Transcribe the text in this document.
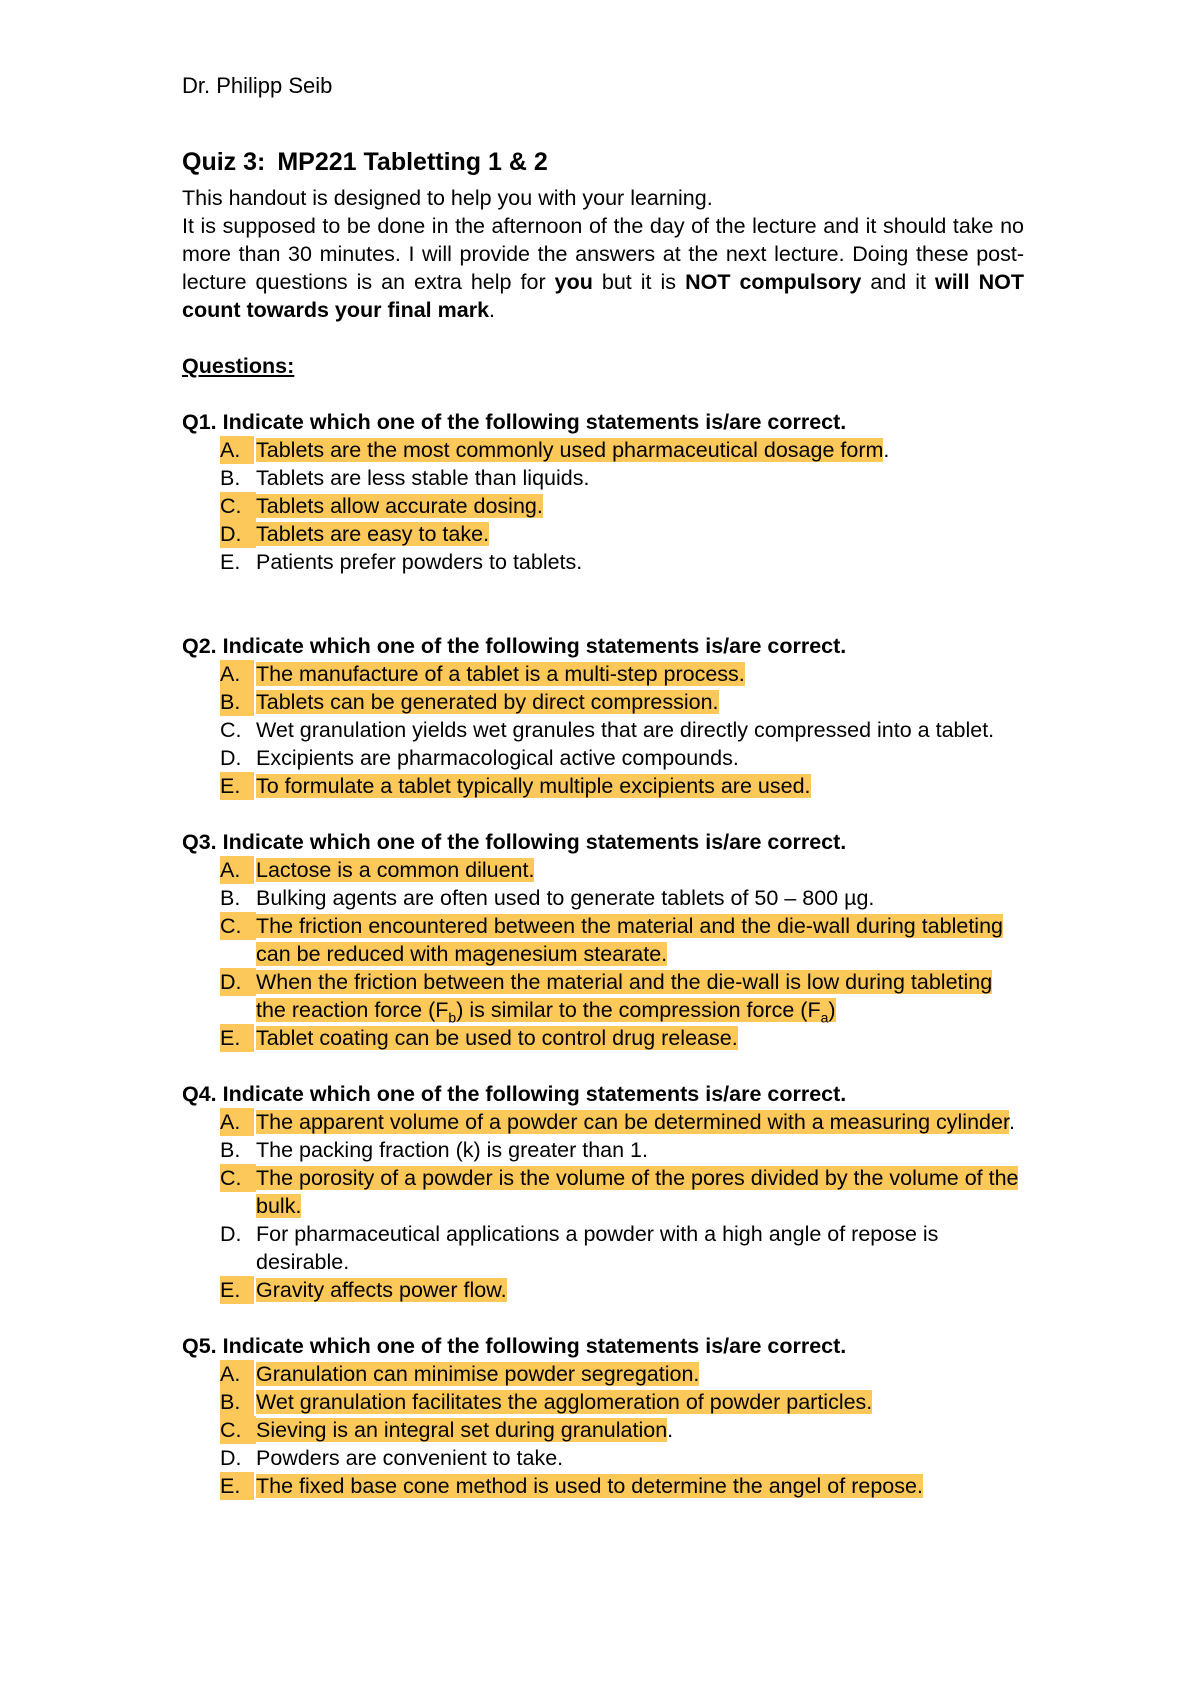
Dr. Philipp Seib
Quiz 3: MP221 Tabletting 1 & 2

This handout is designed to help you with your learning.

It is supposed to be done in the afternoon of the day of the lecture and it should take no more than 30 minutes. I will provide the answers at the next lecture. Doing these post-lecture questions is an extra help for you but it is NOT compulsory and it will NOT count towards your final mark.

Questions:
Q1. Indicate which one of the following statements is/are correct.
A. Tablets are the most commonly used pharmaceutical dosage form.
B. Tablets are less stable than liquids.
C. Tablets allow accurate dosing.
D. Tablets are easy to take.
E. Patients prefer powders to tablets.
Q2. Indicate which one of the following statements is/are correct.
A. The manufacture of a tablet is a multi-step process.
B. Tablets can be generated by direct compression.
C. Wet granulation yields wet granules that are directly compressed into a tablet.
D. Excipients are pharmacological active compounds.
E. To formulate a tablet typically multiple excipients are used.
Q3. Indicate which one of the following statements is/are correct.
A. Lactose is a common diluent.
B. Bulking agents are often used to generate tablets of 50 – 800 µg.
C. The friction encountered between the material and the die-wall during tableting can be reduced with magenesium stearate.
D. When the friction between the material and the die-wall is low during tableting the reaction force $(F_b)$ is similar to the compression force $(F_a)$
E. Tablet coating can be used to control drug release.
Q4. Indicate which one of the following statements is/are correct.
A. The apparent volume of a powder can be determined with a measuring cylinder.
B. The packing fraction (k) is greater than 1.
C. The porosity of a powder is the volume of the pores divided by the volume of the bulk.
D. For pharmaceutical applications a powder with a high angle of repose is desirable.
E. Gravity affects power flow.
Q5. Indicate which one of the following statements is/are correct.
A. Granulation can minimise powder segregation.
B. Wet granulation facilitates the agglomeration of powder particles.
C. Sieving is an integral set during granulation.
D. Powders are convenient to take.
E. The fixed base cone method is used to determine the angel of repose.
